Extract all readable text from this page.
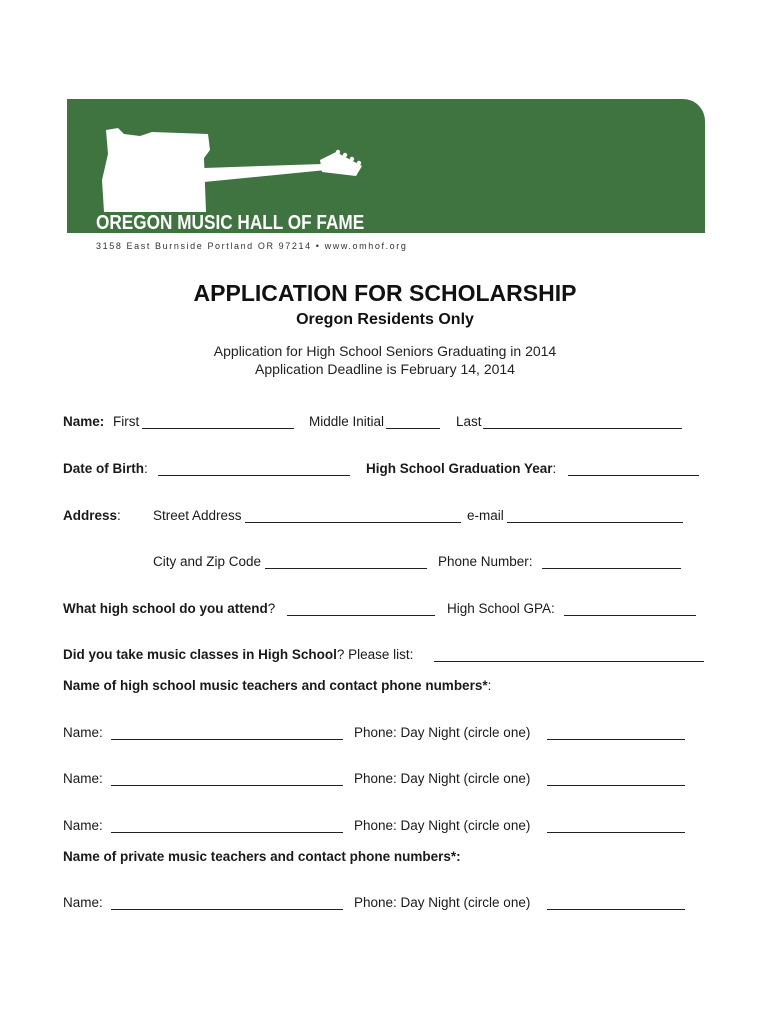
OREGON MUSIC HALL OF FAME
3158 East Burnside Portland OR 97214 • www.omhof.org
APPLICATION FOR SCHOLARSHIP
Oregon Residents Only
Application for High School Seniors Graduating in 2014
Application Deadline is February 14, 2014
Name: First	Middle Initial	Last
Date of Birth:	High School Graduation Year:
Address: Street Address	e-mail
City and Zip Code	Phone Number:
What high school do you attend?	High School GPA:
Did you take music classes in High School? Please list:
Name of high school music teachers and contact phone numbers*:
Name:	Phone: Day Night (circle one)
Name:	Phone: Day Night (circle one)
Name:	Phone: Day Night (circle one)
Name of private music teachers and contact phone numbers*:
Name:	Phone: Day Night (circle one)
